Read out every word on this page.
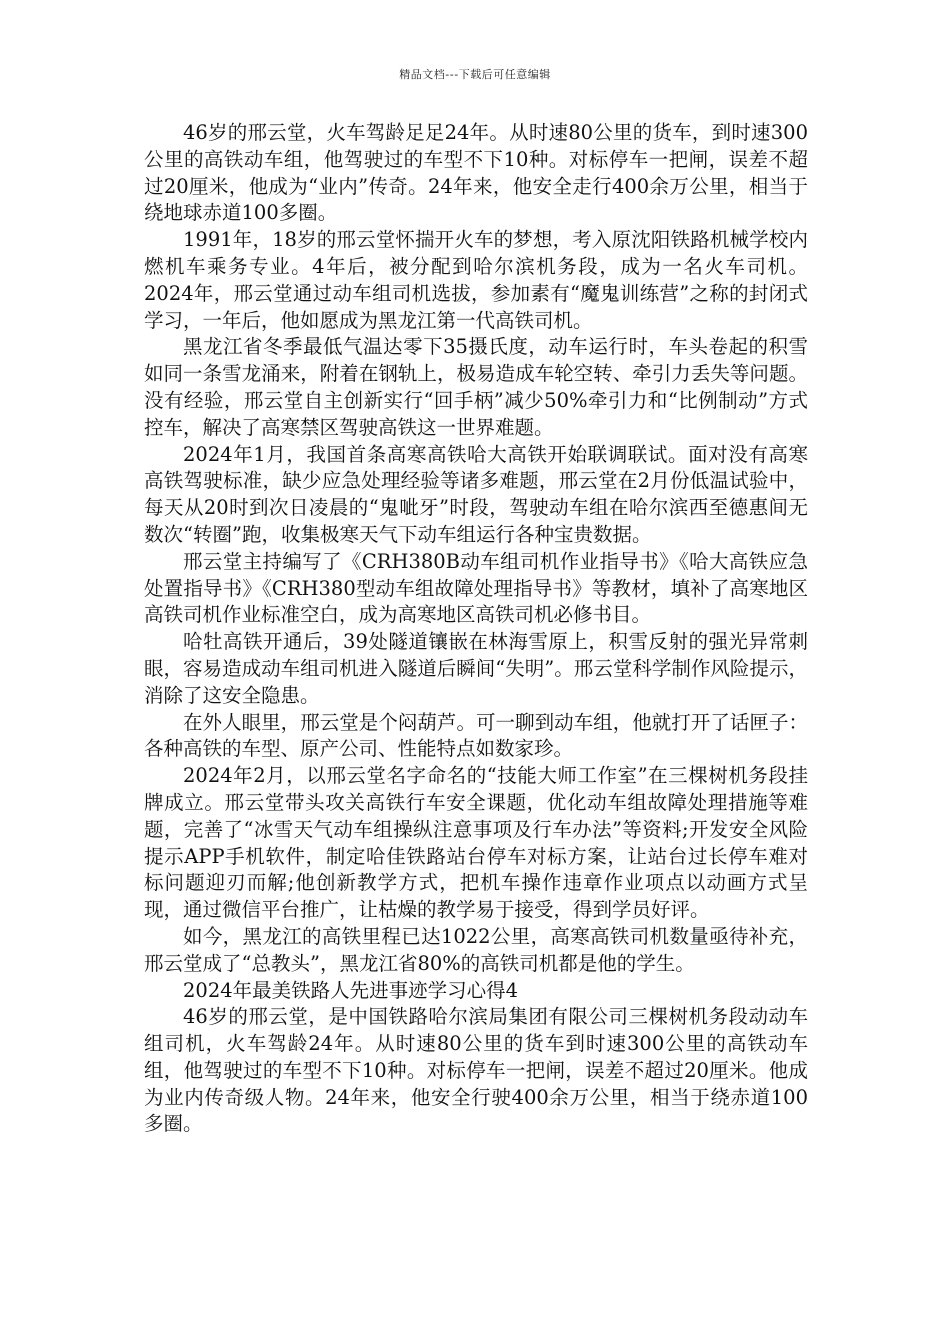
精品文档---下载后可任意编辑

46岁的邢云堂，火车驾龄足足24年。从时速80公里的货车，到时速300公里的高铁动车组，他驾驶过的车型不下10种。对标停车一把闸，误差不超过20厘米，他成为“业内”传奇。24年来，他安全走行400余万公里，相当于绕地球赤道100多圈。

1991年，18岁的邢云堂怀揣开火车的梦想，考入原沈阳铁路机械学校内燃机车乘务专业。4年后，被分配到哈尔滨机务段，成为一名火车司机。2024年，邢云堂通过动车组司机选拔，参加素有“魔鬼训练营”之称的封闭式学习，一年后，他如愿成为黑龙江第一代高铁司机。

黑龙江省冬季最低气温达零下35摄氏度，动车运行时，车头卷起的积雪如同一条雪龙涌来，附着在钢轨上，极易造成车轮空转、牵引力丢失等问题。没有经验，邢云堂自主创新实行“回手柄”减少50%牵引力和“比例制动”方式控车，解决了高寒禁区驾驶高铁这一世界难题。

2024年1月，我国首条高寒高铁哈大高铁开始联调联试。面对没有高寒高铁驾驶标准，缺少应急处理经验等诸多难题，邢云堂在2月份低温试验中，每天从20时到次日凌晨的“鬼呲牙”时段，驾驶动车组在哈尔滨西至德惠间无数次“转圈”跑，收集极寒天气下动车组运行各种宝贵数据。

邢云堂主持编写了《CRH380B动车组司机作业指导书》《哈大高铁应急处置指导书》《CRH380型动车组故障处理指导书》等教材，填补了高寒地区高铁司机作业标准空白，成为高寒地区高铁司机必修书目。

哈牡高铁开通后，39处隧道镶嵌在林海雪原上，积雪反射的强光异常刺眼，容易造成动车组司机进入隧道后瞬间“失明”。邢云堂科学制作风险提示，消除了这安全隐患。

在外人眼里，邢云堂是个闷葫芦。可一聊到动车组，他就打开了话匣子：各种高铁的车型、原产公司、性能特点如数家珍。

2024年2月，以邢云堂名字命名的“技能大师工作室”在三棵树机务段挂牌成立。邢云堂带头攻关高铁行车安全课题，优化动车组故障处理措施等难题，完善了“冰雪天气动车组操纵注意事项及行车办法”等资料;开发安全风险提示APP手机软件，制定哈佳铁路站台停车对标方案，让站台过长停车难对标问题迎刃而解;他创新教学方式，把机车操作违章作业项点以动画方式呈现，通过微信平台推广，让枯燥的教学易于接受，得到学员好评。

如今，黑龙江的高铁里程已达1022公里，高寒高铁司机数量亟待补充，邢云堂成了“总教头”，黑龙江省80%的高铁司机都是他的学生。

2024年最美铁路人先进事迹学习心得4

46岁的邢云堂，是中国铁路哈尔滨局集团有限公司三棵树机务段动动车组司机，火车驾龄24年。从时速80公里的货车到时速300公里的高铁动车组，他驾驶过的车型不下10种。对标停车一把闸，误差不超过20厘米。他成为业内传奇级人物。24年来，他安全行驶400余万公里，相当于绕赤道100多圈。
